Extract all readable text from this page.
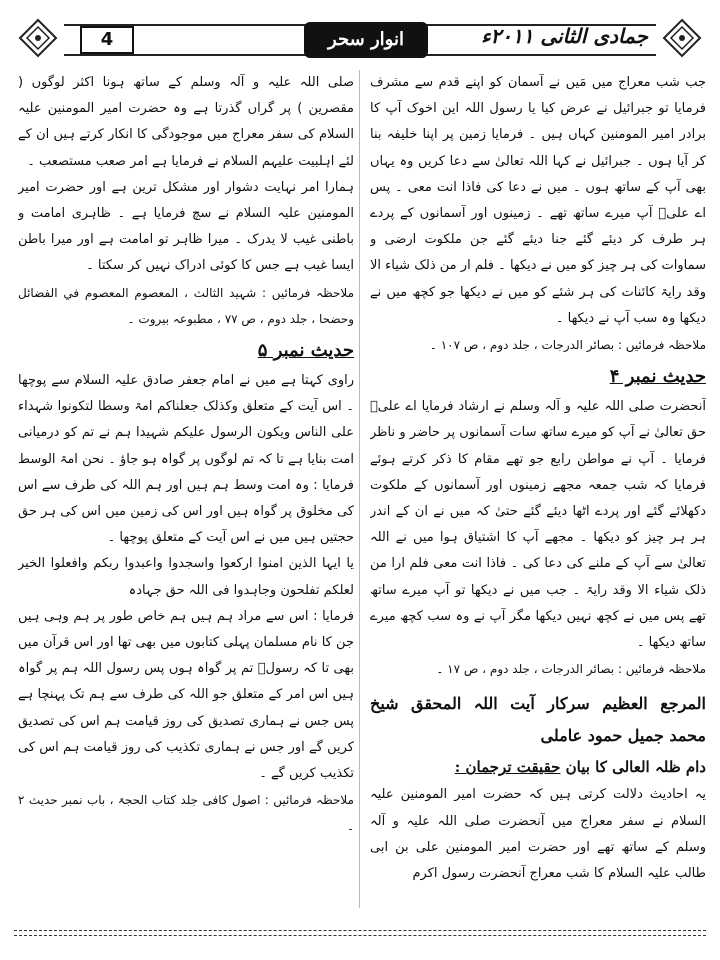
4	انوار سحر	جمادی الثانی ۲۰۱۱ء

جب شب معراج میں مَیں نے آسمان کو اپنے قدم سے مشرف فرمایا تو جبرائیل نے عرض کیا یا رسول اللہ این اخوک آپ کا برادر امیر المومنین کہاں ہیں ۔ فرمایا زمین پر اپنا خلیفہ بنا کر آیا ہوں ۔ جبرائیل نے کہا اللہ تعالیٰ سے دعا کریں وہ یہاں بھی آپ کے ساتھ ہوں ۔ میں نے دعا کی فاذا انت معی ۔ پس اے علیؑ آپ میرے ساتھ تھے ۔ زمینوں اور آسمانوں کے پردے ہر طرف کر دیئے گئے جنا دیئے گئے جن ملکوت ارضی و سماوات کی ہر چیز کو میں نے دیکھا ۔ فلم ار من ذلک شیاء الا وقد رایۃ کائنات کی ہر شئے کو میں نے دیکھا جو کچھ میں نے دیکھا وہ سب آپ نے دیکھا ۔

ملاحظہ فرمائیں : بصائر الدرجات ، جلد دوم ، ص ۱۰۷ ۔

حدیث نمبر ۴

آنحضرت صلی اللہ علیہ و آلہ وسلم نے ارشاد فرمایا اے علیؑ حق تعالیٰ نے آپ کو میرے ساتھ سات آسمانوں پر حاضر و ناظر فرمایا ۔ آپ نے مواطن رابع جو تھے مقام کا ذکر کرتے ہوئے فرمایا کہ شب جمعہ مجھے زمینوں اور آسمانوں کے ملکوت دکھلائے گئے اور پردے اٹھا دیئے گئے حتیٰ کہ میں نے ان کے اندر ہر ہر چیز کو دیکھا ۔ مجھے آپ کا اشتیاق ہوا میں نے اللہ تعالیٰ سے آپ کے ملنے کی دعا کی ۔ فاذا انت معی فلم ارا من ذلک شیاء الا وقد رایۃ ۔ جب میں نے دیکھا تو آپ میرے ساتھ تھے پس میں نے کچھ نہیں دیکھا مگر آپ نے وہ سب کچھ میرے ساتھ دیکھا ۔

ملاحظہ فرمائیں : بصائر الدرجات ، جلد دوم ، ص ۱۷ ۔

المرجع العظیم سرکار آیت اللہ المحقق شیخ محمد جمیل حمود عاملی
دام ظلہ العالی کا بیان حقیقت ترجمان :

یہ احادیث دلالت کرتی ہیں کہ حضرت امیر المومنین علیہ السلام نے سفر معراج میں آنحضرت صلی اللہ علیہ و آلہ وسلم کے ساتھ تھے اور حضرت امیر المومنین علی بن ابی طالب علیہ السلام کا شب معراج آنحضرت رسول اکرم

صلی اللہ علیہ و آلہ وسلم کے ساتھ ہونا اکثر لوگوں ( مقصرین ) پر گراں گذرتا ہے وہ حضرت امیر المومنین علیہ السلام کی سفر معراج میں موجودگی کا انکار کرتے ہیں ان کے لئے اہلبیت علیہم السلام نے فرمایا ہے امر صعب مستصعب ۔

ہمارا امر نہایت دشوار اور مشکل ترین ہے اور حضرت امیر المومنین علیہ السلام نے سچ فرمایا ہے ۔ ظاہری امامت و باطنی غیب لا یدرک ۔ میرا ظاہر تو امامت ہے اور میرا باطن ایسا غیب ہے جس کا کوئی ادراک نہیں کر سکتا ۔

ملاحظہ فرمائیں : شہید الثالث ، المعصوم المعصوم في الفضائل وحضحا ، جلد دوم ، ص ۷۷ ، مطبوعہ بیروت ۔

حدیث نمبر ۵

راوی کہتا ہے میں نے امام جعفر صادق علیہ السلام سے پوچھا ۔ اس آیت کے متعلق وکذلک جعلناکم امۃ وسطا لتکونوا شہداء علی الناس ویکون الرسول علیکم شہیدا ہم نے تم کو درمیانی امت بنایا ہے تا کہ تم لوگوں پر گواہ ہو جاؤ ۔ نحن امۃ الوسط فرمایا : وہ امت وسط ہم ہیں اور ہم اللہ کی طرف سے اس کی مخلوق پر گواہ ہیں اور اس کی زمین میں اس کی ہر حق حجتیں ہیں میں نے اس آیت کے متعلق پوچھا ۔

یا ایہا الذین امنوا ارکعوا واسجدوا واعبدوا ربکم وافعلوا الخیر لعلکم تفلحون وجاہدوا فی اللہ حق جہادہ

فرمایا : اس سے مراد ہم ہیں ہم خاص طور پر ہم وہی ہیں جن کا نام مسلمان پہلی کتابوں میں بھی تھا اور اس قرآن میں بھی تا کہ رسولؐ تم پر گواہ ہوں پس رسول اللہ ہم پر گواہ ہیں اس امر کے متعلق جو اللہ کی طرف سے ہم تک پہنچا ہے پس جس نے ہماری تصدیق کی روز قیامت ہم اس کی تصدیق کریں گے اور جس نے ہماری تکذیب کی روز قیامت ہم اس کی تکذیب کریں گے ۔

ملاحظہ فرمائیں : اصول کافی جلد کتاب الحجۃ ، باب نمبر حدیث ۲ ۔
